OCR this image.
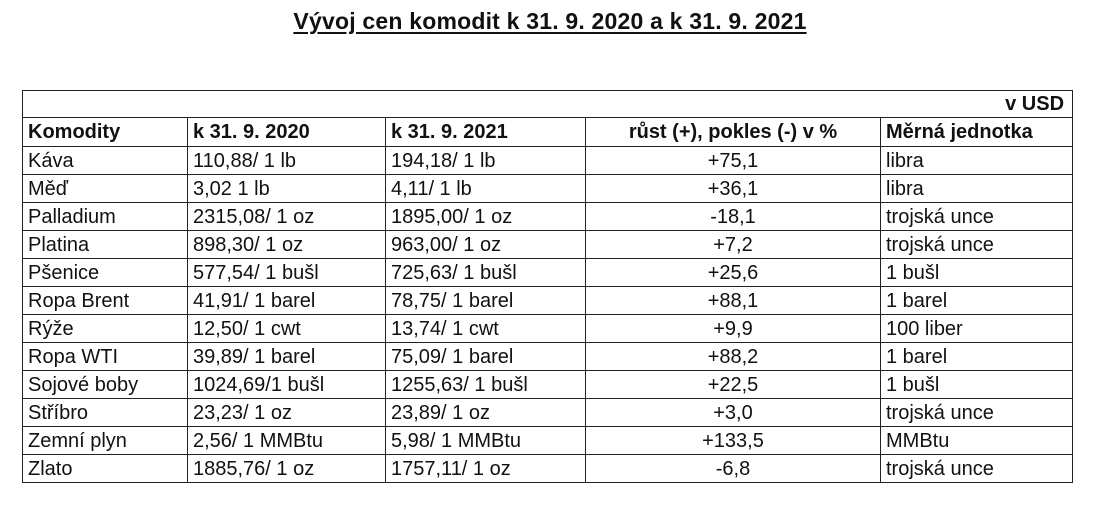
Vývoj cen komodit k 31. 9. 2020 a k 31. 9. 2021
v USD				
Komodity	k 31. 9. 2020	k 31. 9. 2021	růst (+), pokles (-) v %	Měrná jednotka
Káva	110,88/ 1 lb	194,18/ 1 lb	+75,1	libra
Měď	3,02 1 lb	4,11/ 1 lb	+36,1	libra
Palladium	2315,08/ 1 oz	1895,00/ 1 oz	-18,1	trojská unce
Platina	898,30/ 1 oz	963,00/ 1 oz	+7,2	trojská unce
Pšenice	577,54/ 1 bušl	725,63/ 1 bušl	+25,6	1 bušl
Ropa Brent	41,91/ 1 barel	78,75/ 1 barel	+88,1	1 barel
Rýže	12,50/ 1 cwt	13,74/ 1 cwt	+9,9	100 liber
Ropa WTI	39,89/ 1 barel	75,09/ 1 barel	+88,2	1 barel
Sojové boby	1024,69/1 bušl	1255,63/ 1 bušl	+22,5	1 bušl
Stříbro	23,23/ 1 oz	23,89/ 1 oz	+3,0	trojská unce
Zemní plyn	2,56/ 1 MMBtu	5,98/ 1 MMBtu	+133,5	MMBtu
Zlato	1885,76/ 1 oz	1757,11/ 1 oz	-6,8	trojská unce
